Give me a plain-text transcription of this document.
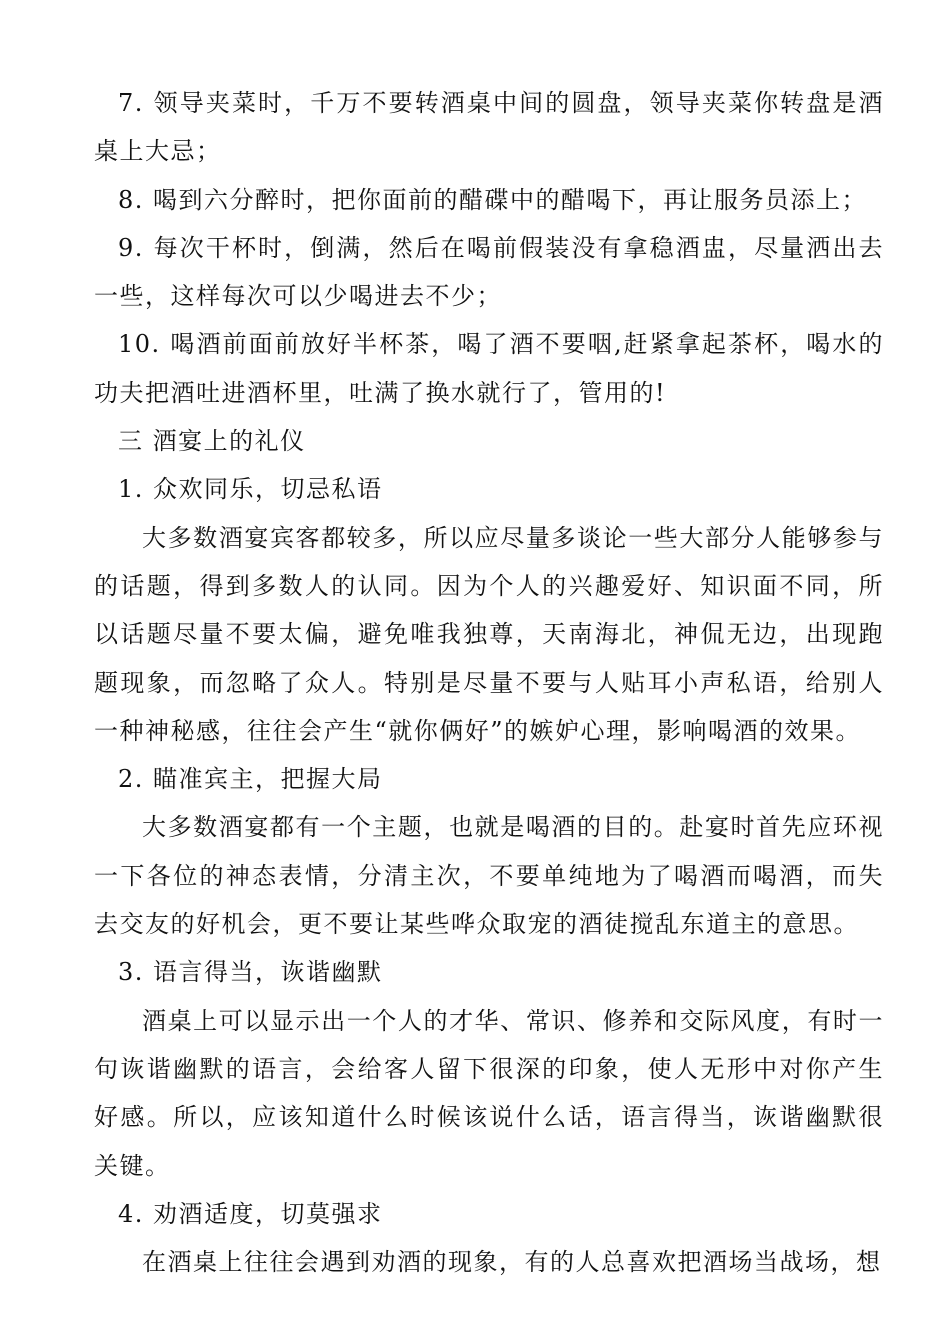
7. 领导夹菜时，千万不要转酒桌中间的圆盘，领导夹菜你转盘是酒桌上大忌；

8. 喝到六分醉时，把你面前的醋碟中的醋喝下，再让服务员添上；

9. 每次干杯时，倒满，然后在喝前假装没有拿稳酒盅，尽量洒出去一些，这样每次可以少喝进去不少；

10. 喝酒前面前放好半杯茶，喝了酒不要咽,赶紧拿起茶杯，喝水的功夫把酒吐进酒杯里，吐满了换水就行了，管用的!

三 酒宴上的礼仪

1. 众欢同乐，切忌私语

大多数酒宴宾客都较多，所以应尽量多谈论一些大部分人能够参与的话题，得到多数人的认同。因为个人的兴趣爱好、知识面不同，所以话题尽量不要太偏，避免唯我独尊，天南海北，神侃无边，出现跑题现象，而忽略了众人。特别是尽量不要与人贴耳小声私语，给别人一种神秘感，往往会产生“就你俩好”的嫉妒心理，影响喝酒的效果。

2. 瞄准宾主，把握大局

大多数酒宴都有一个主题，也就是喝酒的目的。赴宴时首先应环视一下各位的神态表情，分清主次，不要单纯地为了喝酒而喝酒，而失去交友的好机会，更不要让某些哗众取宠的酒徒搅乱东道主的意思。

3. 语言得当，诙谐幽默

酒桌上可以显示出一个人的才华、常识、修养和交际风度，有时一句诙谐幽默的语言，会给客人留下很深的印象，使人无形中对你产生好感。所以，应该知道什么时候该说什么话，语言得当，诙谐幽默很关键。

4. 劝酒适度，切莫强求

在酒桌上往往会遇到劝酒的现象，有的人总喜欢把酒场当战场，想
